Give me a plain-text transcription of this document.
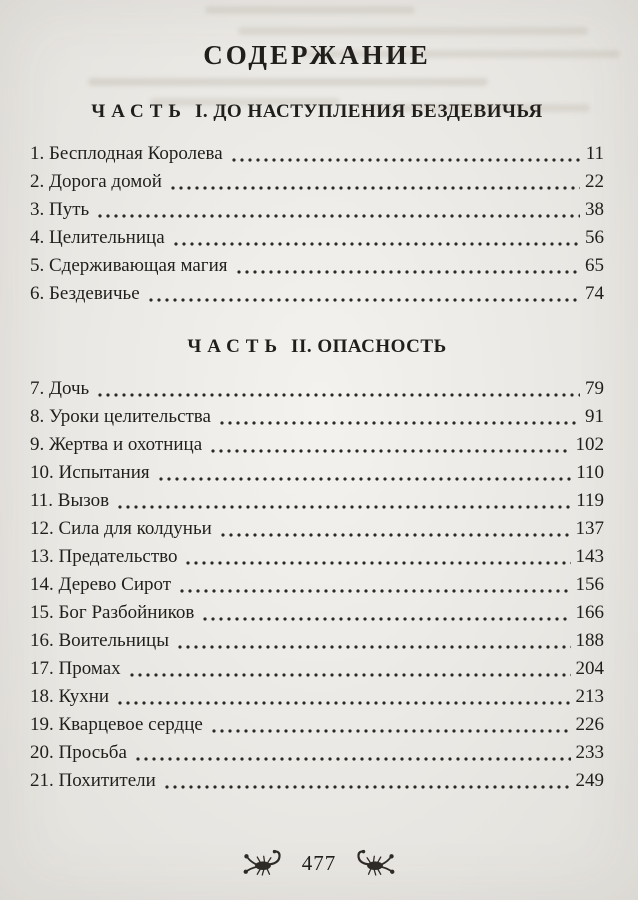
СОДЕРЖАНИЕ
ЧАСТЬ I. ДО НАСТУПЛЕНИЯ БЕЗДЕВИЧЬЯ
1. Бесплодная Королева	11
2. Дорога домой	22
3. Путь	38
4. Целительница	56
5. Сдерживающая магия	65
6. Бездевичье	74
ЧАСТЬ II. ОПАСНОСТЬ
7. Дочь	79
8. Уроки целительства	91
9. Жертва и охотница	102
10. Испытания	110
11. Вызов	119
12. Сила для колдуньи	137
13. Предательство	143
14. Дерево Сирот	156
15. Бог Разбойников	166
16. Воительницы	188
17. Промах	204
18. Кухни	213
19. Кварцевое сердце	226
20. Просьба	233
21. Похитители	249
477
